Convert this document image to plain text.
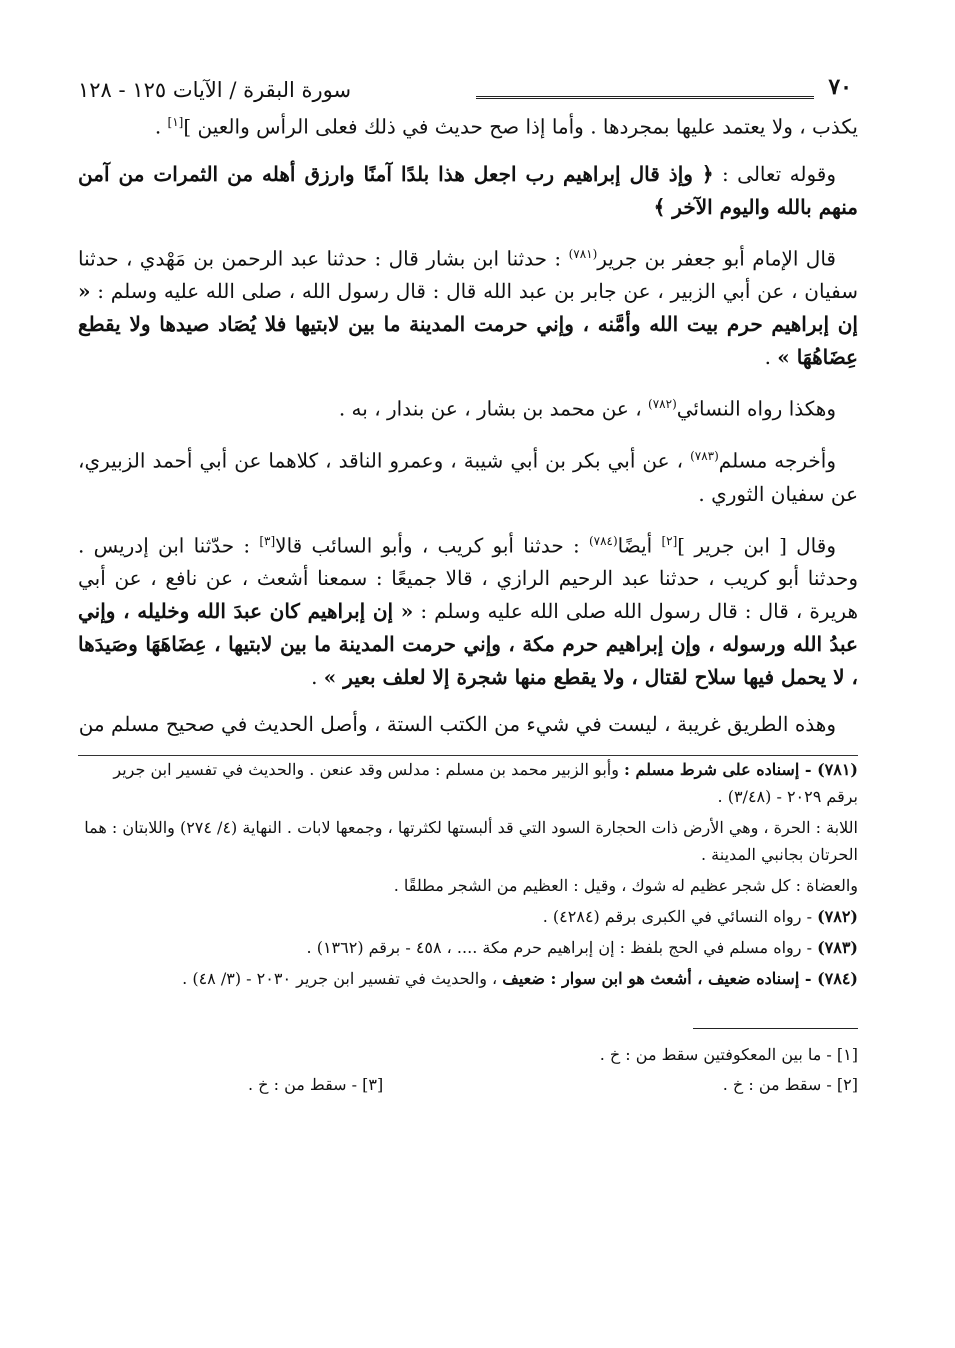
٧٠
سورة البقرة / الآيات ١٢٥ - ١٢٨

يكذب ، ولا يعتمد عليها بمجردها . وأما إذا صح حديث في ذلك فعلى الرأس والعين ][١] .

وقوله تعالى : ﴿ وإذ قال إبراهيم رب اجعل هذا بلدًا آمنًا وارزق أهله من الثمرات من آمن منهم بالله واليوم الآخر ﴾

قال الإمام أبو جعفر بن جرير$^{(٧٨١)}$ : حدثنا ابن بشار قال : حدثنا عبد الرحمن بن مَهْدي ، حدثنا سفيان ، عن أبي الزبير ، عن جابر بن عبد الله قال : قال رسول الله ، صلى الله عليه وسلم : « إن إبراهيم حرم بيت الله وأمَّنه ، وإني حرمت المدينة ما بين لابتيها فلا يُصَاد صيدها ولا يقطع عِضَاهُهَا » .

وهكذا رواه النسائي$^{(٧٨٢)}$ ، عن محمد بن بشار ، عن بندار ، به .

وأخرجه مسلم$^{(٧٨٣)}$ ، عن أبي بكر بن أبي شيبة ، وعمرو الناقد ، كلاهما عن أبي أحمد الزبيري، عن سفيان الثوري .

وقال [ ابن جرير ][٢] أيضًا$^{(٧٨٤)}$ : حدثنا أبو كريب ، وأبو السائب قالا[٣] : حدّثنا ابن إدريس . وحدثنا أبو كريب ، حدثنا عبد الرحيم الرازي ، قالا جميعًا : سمعنا أشعث ، عن نافع ، عن أبي هريرة ، قال : قال رسول الله صلى الله عليه وسلم : « إن إبراهيم كان عبدَ الله وخليله ، وإني عبدُ الله ورسوله ، وإن إبراهيم حرم مكة ، وإني حرمت المدينة ما بين لابتيها ، عِضَاهَهَا وصَيدَها ، لا يحمل فيها سلاح لقتال ، ولا يقطع منها شجرة إلا لعلف بعير » .

وهذه الطريق غريبة ، ليست في شيء من الكتب الستة ، وأصل الحديث في صحيح مسلم من

(٧٨١) - إسناده على شرط مسلم : وأبو الزبير محمد بن مسلم : مدلس وقد عنعن . والحديث في تفسير ابن جرير برقم ٢٠٢٩ - (٣/٤٨) .

اللابة : الحرة ، وهي الأرض ذات الحجارة السود التي قد ألبستها لكثرتها ، وجمعها لابات . النهاية (٤/ ٢٧٤) واللابتان : هما الحرتان بجانبي المدينة .

والعضاة : كل شجر عظيم له شوك ، وقيل : العظيم من الشجر مطلقًا .

(٧٨٢) - رواه النسائي في الكبرى برقم (٤٢٨٤) .

(٧٨٣) - رواه مسلم في الحج بلفظ : إن إبراهيم حرم مكة .... ، ٤٥٨ - برقم (١٣٦٢) .

(٧٨٤) - إسناده ضعيف ، أشعث هو ابن سوار : ضعيف ، والحديث في تفسير ابن جرير ٢٠٣٠ - (٣/ ٤٨) .

[١] - ما بين المعكوفتين سقط من : خ .
[٢] - سقط من : خ .
[٣] - سقط من : خ .
